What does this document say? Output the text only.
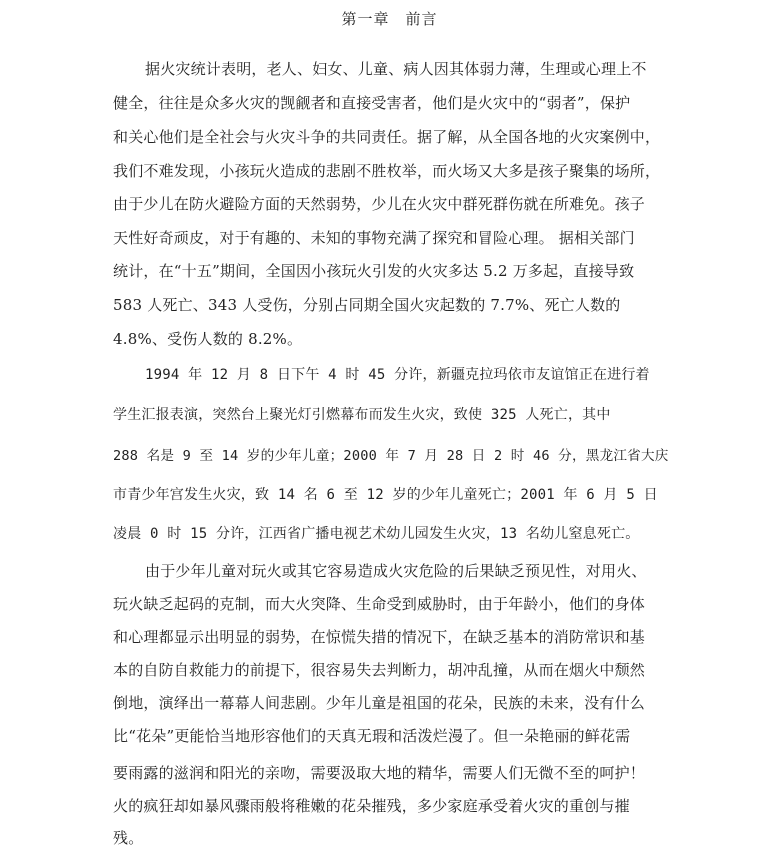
第一章　前言
据火灾统计表明，老人、妇女、儿童、病人因其体弱力薄，生理或心理上不
健全，往往是众多火灾的觊觎者和直接受害者，他们是火灾中的“弱者”，保护
和关心他们是全社会与火灾斗争的共同责任。据了解，从全国各地的火灾案例中，
我们不难发现，小孩玩火造成的悲剧不胜枚举，而火场又大多是孩子聚集的场所，
由于少儿在防火避险方面的天然弱势，少儿在火灾中群死群伤就在所难免。孩子
天性好奇顽皮，对于有趣的、未知的事物充满了探究和冒险心理。 据相关部门
统计，在“十五”期间，全国因小孩玩火引发的火灾多达 5.2 万多起，直接导致
583 人死亡、343 人受伤，分别占同期全国火灾起数的 7.7%、死亡人数的
4.8%、受伤人数的 8.2%。
1994 年 12 月 8 日下午 4 时 45 分许，新疆克拉玛依市友谊馆正在进行着
学生汇报表演，突然台上聚光灯引燃幕布而发生火灾，致使 325 人死亡，其中
288 名是 9 至 14 岁的少年儿童；2000 年 7 月 28 日 2 时 46 分，黑龙江省大庆
市青少年宫发生火灾，致 14 名 6 至 12 岁的少年儿童死亡；2001 年 6 月 5 日
凌晨 0 时 15 分许，江西省广播电视艺术幼儿园发生火灾，13 名幼儿窒息死亡。
由于少年儿童对玩火或其它容易造成火灾危险的后果缺乏预见性，对用火、
玩火缺乏起码的克制，而大火突降、生命受到威胁时，由于年龄小，他们的身体
和心理都显示出明显的弱势，在惊慌失措的情况下，在缺乏基本的消防常识和基
本的自防自救能力的前提下，很容易失去判断力，胡冲乱撞，从而在烟火中颓然
倒地，演绎出一幕幕人间悲剧。少年儿童是祖国的花朵，民族的未来，没有什么
比“花朵”更能恰当地形容他们的天真无瑕和活泼烂漫了。但一朵艳丽的鲜花需
要雨露的滋润和阳光的亲吻，需要汲取大地的精华，需要人们无微不至的呵护！
火的疯狂却如暴风骤雨般将稚嫩的花朵摧残，多少家庭承受着火灾的重创与摧
残。
